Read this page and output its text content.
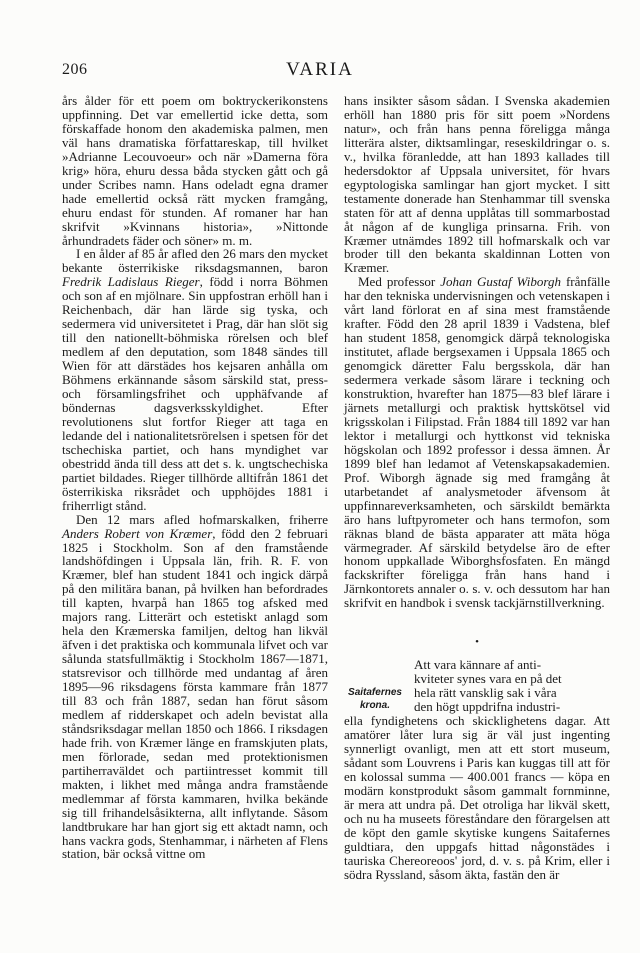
206	VARIA

års ålder för ett poem om boktryckerikonstens uppfinning. Det var emellertid icke detta, som förskaffade honom den akademiska palmen, men väl hans dramatiska författareskap, till hvilket »Adrianne Lecouvoeur» och när »Damerna föra krig» höra, ehuru dessa båda stycken gått och gå under Scribes namn. Hans odeladt egna dramer hade emellertid också rätt mycken framgång, ehuru endast för stunden. Af romaner har han skrifvit »Kvinnans historia», »Nittonde århundradets fäder och söner» m. m.

I en ålder af 85 år afled den 26 mars den mycket bekante österrikiske riksdagsmannen, baron Fredrik Ladislaus Rieger, född i norra Böhmen och son af en mjölnare. Sin uppfostran erhöll han i Reichenbach, där han lärde sig tyska, och sedermera vid universitetet i Prag, där han slöt sig till den nationellt-böhmiska rörelsen och blef medlem af den deputation, som 1848 sändes till Wien för att därstädes hos kejsaren anhålla om Böhmens erkännande såsom särskild stat, press- och församlingsfrihet och upphäfvande af böndernas dagsverksskyldighet. Efter revolutionens slut fortfor Rieger att taga en ledande del i nationalitetsrörelsen i spetsen för det tschechiska partiet, och hans myndighet var obestridd ända till dess att det s. k. ungtschechiska partiet bildades. Rieger tillhörde alltifrån 1861 det österrikiska riksrådet och upphöjdes 1881 i friherrligt stånd.

Den 12 mars afled hofmarskalken, friherre Anders Robert von Kræmer, född den 2 februari 1825 i Stockholm. Son af den framstående landshöfdingen i Uppsala län, frih. R. F. von Kræmer, blef han student 1841 och ingick därpå på den militära banan, på hvilken han befordrades till kapten, hvarpå han 1865 tog afsked med majors rang. Litterärt och estetiskt anlagd som hela den Kræmerska familjen, deltog han likväl äfven i det praktiska och kommunala lifvet och var sålunda statsfullmäktig i Stockholm 1867—1871, statsrevisor och tillhörde med undantag af åren 1895—96 riksdagens första kammare från 1877 till 83 och från 1887, sedan han förut såsom medlem af ridderskapet och adeln bevistat alla ståndsriksdagar mellan 1850 och 1866. I riksdagen hade frih. von Kræmer länge en framskjuten plats, men förlorade, sedan med protektionismen partiherraväldet och partiintresset kommit till makten, i likhet med många andra framstående medlemmar af första kammaren, hvilka bekände sig till frihandelsåsikterna, allt inflytande. Såsom landtbrukare har han gjort sig ett aktadt namn, och hans vackra gods, Stenhammar, i närheten af Flens station, bär också vittne om

hans insikter såsom sådan. I Svenska akademien erhöll han 1880 pris för sitt poem »Nordens natur», och från hans penna föreligga många litterära alster, diktsamlingar, reseskildringar o. s. v., hvilka föranledde, att han 1893 kallades till hedersdoktor af Uppsala universitet, för hvars egyptologiska samlingar han gjort mycket. I sitt testamente donerade han Stenhammar till svenska staten för att af denna upplåtas till sommarbostad åt någon af de kungliga prinsarna. Frih. von Kræmer utnämdes 1892 till hofmarskalk och var broder till den bekanta skaldinnan Lotten von Kræmer.

Med professor Johan Gustaf Wiborgh frånfälle har den tekniska undervisningen och vetenskapen i vårt land förlorat en af sina mest framstående krafter. Född den 28 april 1839 i Vadstena, blef han student 1858, genomgick därpå teknologiska institutet, aflade bergsexamen i Uppsala 1865 och genomgick däretter Falu bergsskola, där han sedermera verkade såsom lärare i teckning och konstruktion, hvarefter han 1875—83 blef lärare i järnets metallurgi och praktisk hyttskötsel vid krigsskolan i Filipstad. Från 1884 till 1892 var han lektor i metallurgi och hyttkonst vid tekniska högskolan och 1892 professor i dessa ämnen. År 1899 blef han ledamot af Vetenskapsakademien. Prof. Wiborgh ägnade sig med framgång åt utarbetandet af analysmetoder äfvensom åt uppfinnareverksamheten, och särskildt bemärkta äro hans luftpyrometer och hans termofon, som räknas bland de bästa apparater att mäta höga värmegrader. Af särskild betydelse äro de efter honom uppkallade Wiborghsfosfaten. En mängd fackskrifter föreligga från hans hand i Järnkontorets annaler o. s. v. och dessutom har han skrifvit en handbok i svensk tackjärnstillverkning.

•

Att vara kännare af anti-
kviteter synes vara en på det
hela rätt vansklig sak i våra
den högt uppdrifna industri-
ella fyndighetens och skicklighetens dagar. Att amatörer låter lura sig är väl just ingenting synnerligt ovanligt, men att ett stort museum, sådant som Louvrens i Paris kan kuggas till att för en kolossal summa — 400.001 francs — köpa en modärn konstprodukt såsom gammalt fornminne, är mera att undra på. Det otroliga har likväl skett, och nu ha museets föreståndare den förargelsen att de köpt den gamle skytiske kungens Saitafernes guldtiara, den uppgafs hittad någonstädes i tauriska Chereoreoos' jord, d. v. s. på Krim, eller i södra Ryssland, såsom äkta, fastän den är

Saitafernes krona.
